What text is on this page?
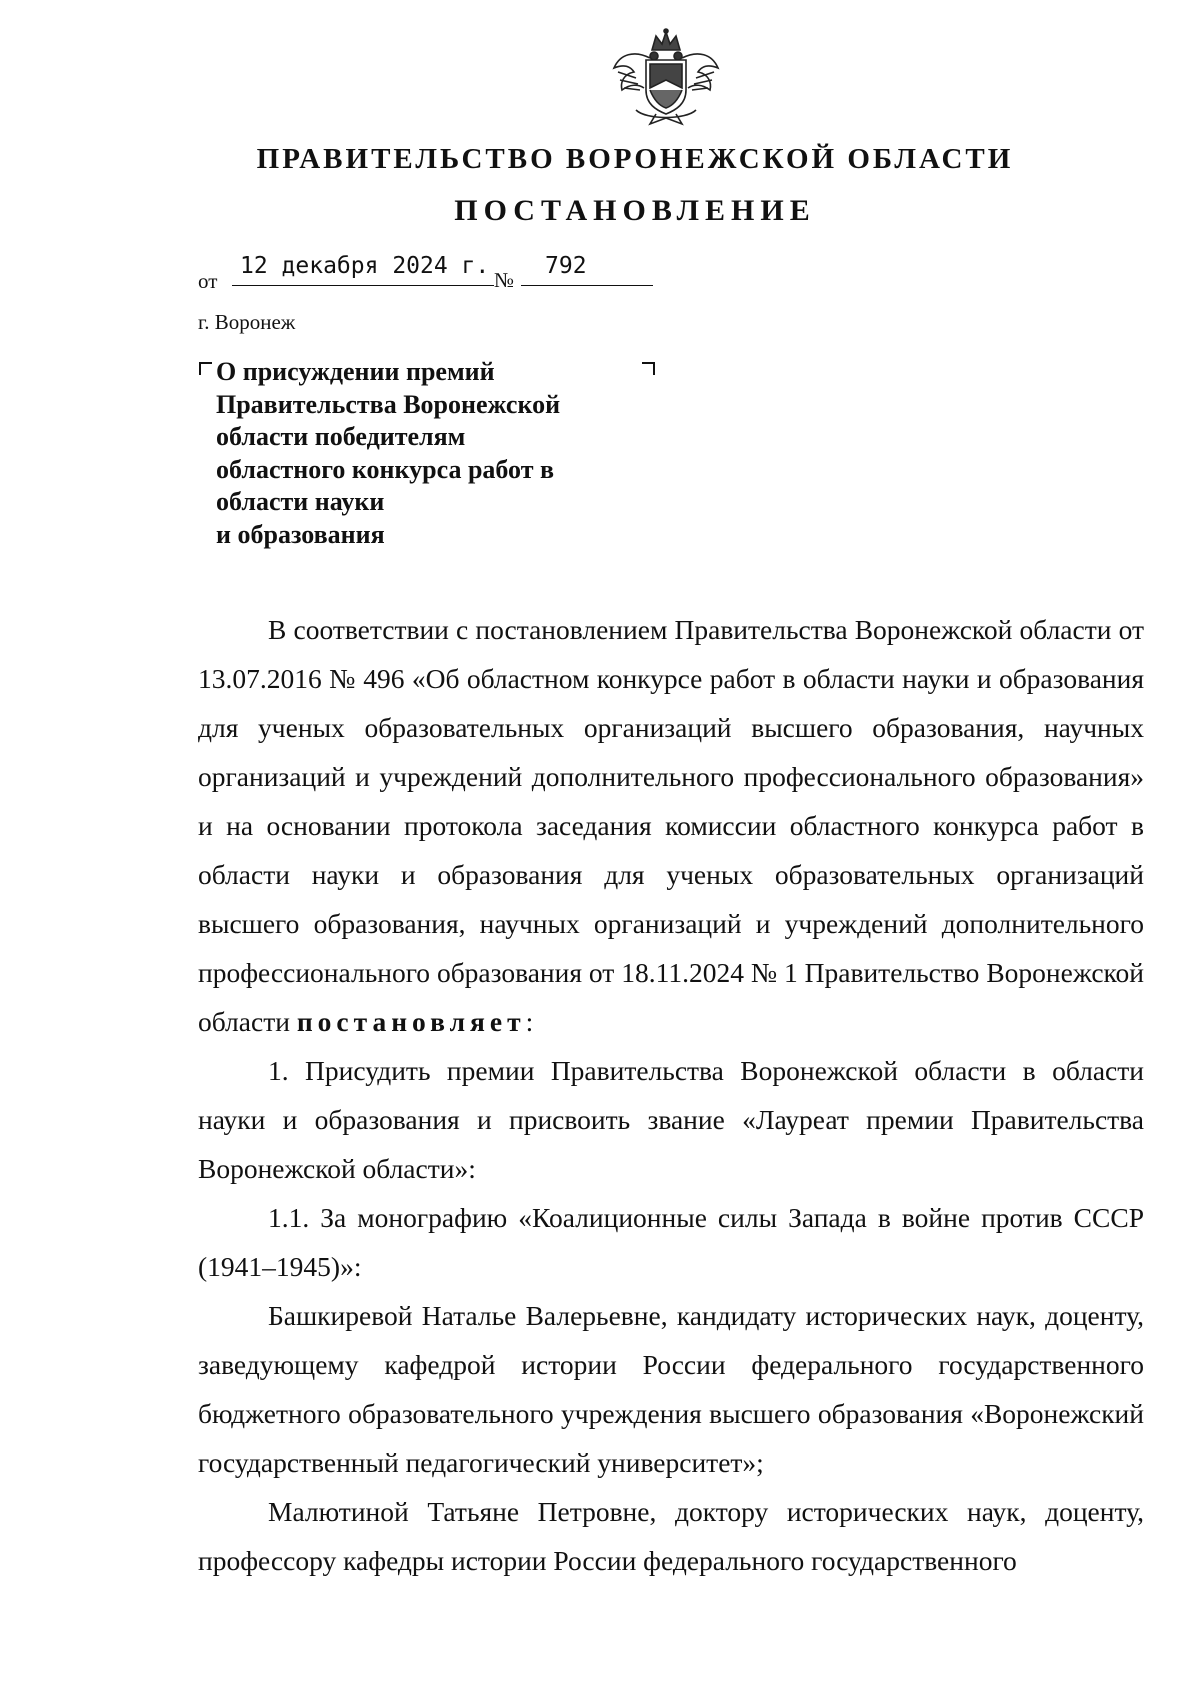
ПРАВИТЕЛЬСТВО ВОРОНЕЖСКОЙ ОБЛАСТИ
ПОСТАНОВЛЕНИЕ
от
12 декабря 2024 г.
№
792
г. Воронеж
О присуждении премий
Правительства Воронежской
области победителям
областного конкурса работ в
области науки
и образования

В соответствии с постановлением Правительства Воронежской области от 13.07.2016 № 496 «Об областном конкурсе работ в области науки и образования для ученых образовательных организаций высшего образования, научных организаций и учреждений дополнительного профессионального образования» и на основании протокола заседания комиссии областного конкурса работ в области науки и образования для ученых образовательных организаций высшего образования, научных организаций и учреждений дополнительного профессионального образования от 18.11.2024 № 1 Правительство Воронежской области постановляет:

1. Присудить премии Правительства Воронежской области в области науки и образования и присвоить звание «Лауреат премии Правительства Воронежской области»:

1.1. За монографию «Коалиционные силы Запада в войне против СССР (1941–1945)»:

Башкиревой Наталье Валерьевне, кандидату исторических наук, доценту, заведующему кафедрой истории России федерального государственного бюджетного образовательного учреждения высшего образования «Воронежский государственный педагогический университет»;

Малютиной Татьяне Петровне, доктору исторических наук, доценту, профессору кафедры истории России федерального государственного
